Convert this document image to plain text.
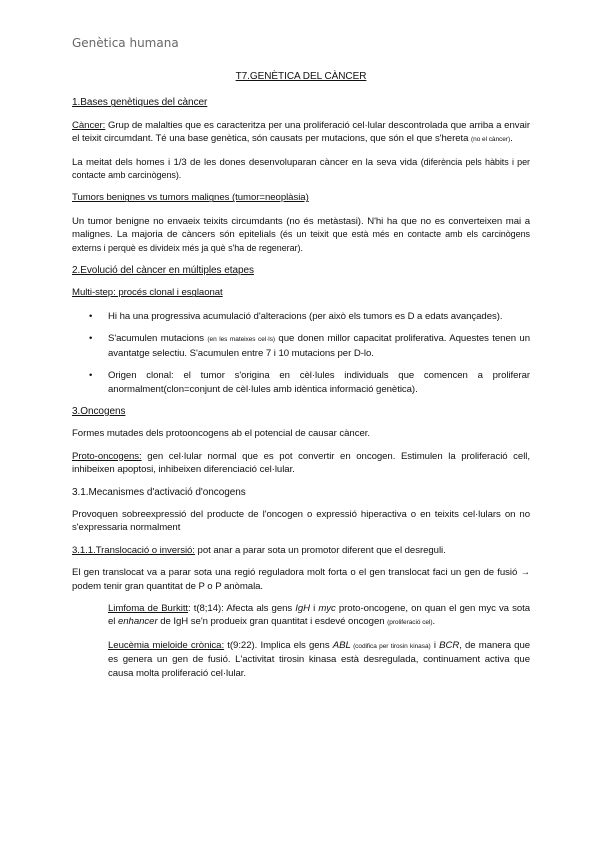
Genètica humana
T7.GENÈTICA DEL CÀNCER
1.Bases genètiques del càncer

Càncer: Grup de malalties que es caracteritza per una proliferació cel·lular descontrolada que arriba a envair el teixit circumdant. Té una base genètica, són causats per mutacions, que són el que s'hereta (no el càncer).

La meitat dels homes i 1/3 de les dones desenvoluparan càncer en la seva vida (diferència pels hàbits i per contacte amb carcinògens).

Tumors benignes vs tumors malignes (tumor=neoplàsia)

Un tumor benigne no envaeix teixits circumdants (no és metàstasi). N'hi ha que no es converteixen mai a malignes. La majoria de càncers són epitelials (és un teixit que està més en contacte amb els carcinògens externs i perquè es divideix més ja què s'ha de regenerar).

2.Evolució del càncer en múltiples etapes
Multi-step: procés clonal i esglaonat
• Hi ha una progressiva acumulació d'alteracions (per això els tumors es D a edats avançades).
• S'acumulen mutacions (en les mateixes cel·ls) que donen millor capacitat proliferativa. Aquestes tenen un avantatge selectiu. S'acumulen entre 7 i 10 mutacions per D-lo.
• Origen clonal: el tumor s'origina en cèl·lules individuals que comencen a proliferar anormalment(clon=conjunt de cèl·lules amb idèntica informació genètica).
3.Oncogens

Formes mutades dels protooncogens ab el potencial de causar càncer.

Proto-oncogens: gen cel·lular normal que es pot convertir en oncogen. Estimulen la proliferació cell, inhibeixen apoptosi, inhibeixen diferenciació cel·lular.

3.1.Mecanismes d'activació d'oncogens

Provoquen sobreexpressió del producte de l'oncogen o expressió hiperactiva o en teixits cel·lulars on no s'expressaria normalment

3.1.1.Translocació o inversió: pot anar a parar sota un promotor diferent que el desreguli.

El gen translocat va a parar sota una regió reguladora molt forta o el gen translocat faci un gen de fusió → podem tenir gran quantitat de P o P anòmala.

Limfoma de Burkitt: t(8;14): Afecta als gens IgH i myc proto-oncogene, on quan el gen myc va sota el enhancer de IgH se'n produeix gran quantitat i esdevé oncogen (proliferació cel).

Leucèmia mieloide crònica: t(9:22). Implica els gens ABL (codifica per tirosin kinasa) i BCR, de manera que es genera un gen de fusió. L'activitat tirosin kinasa està desregulada, continuament activa que causa molta proliferació cel·lular.
